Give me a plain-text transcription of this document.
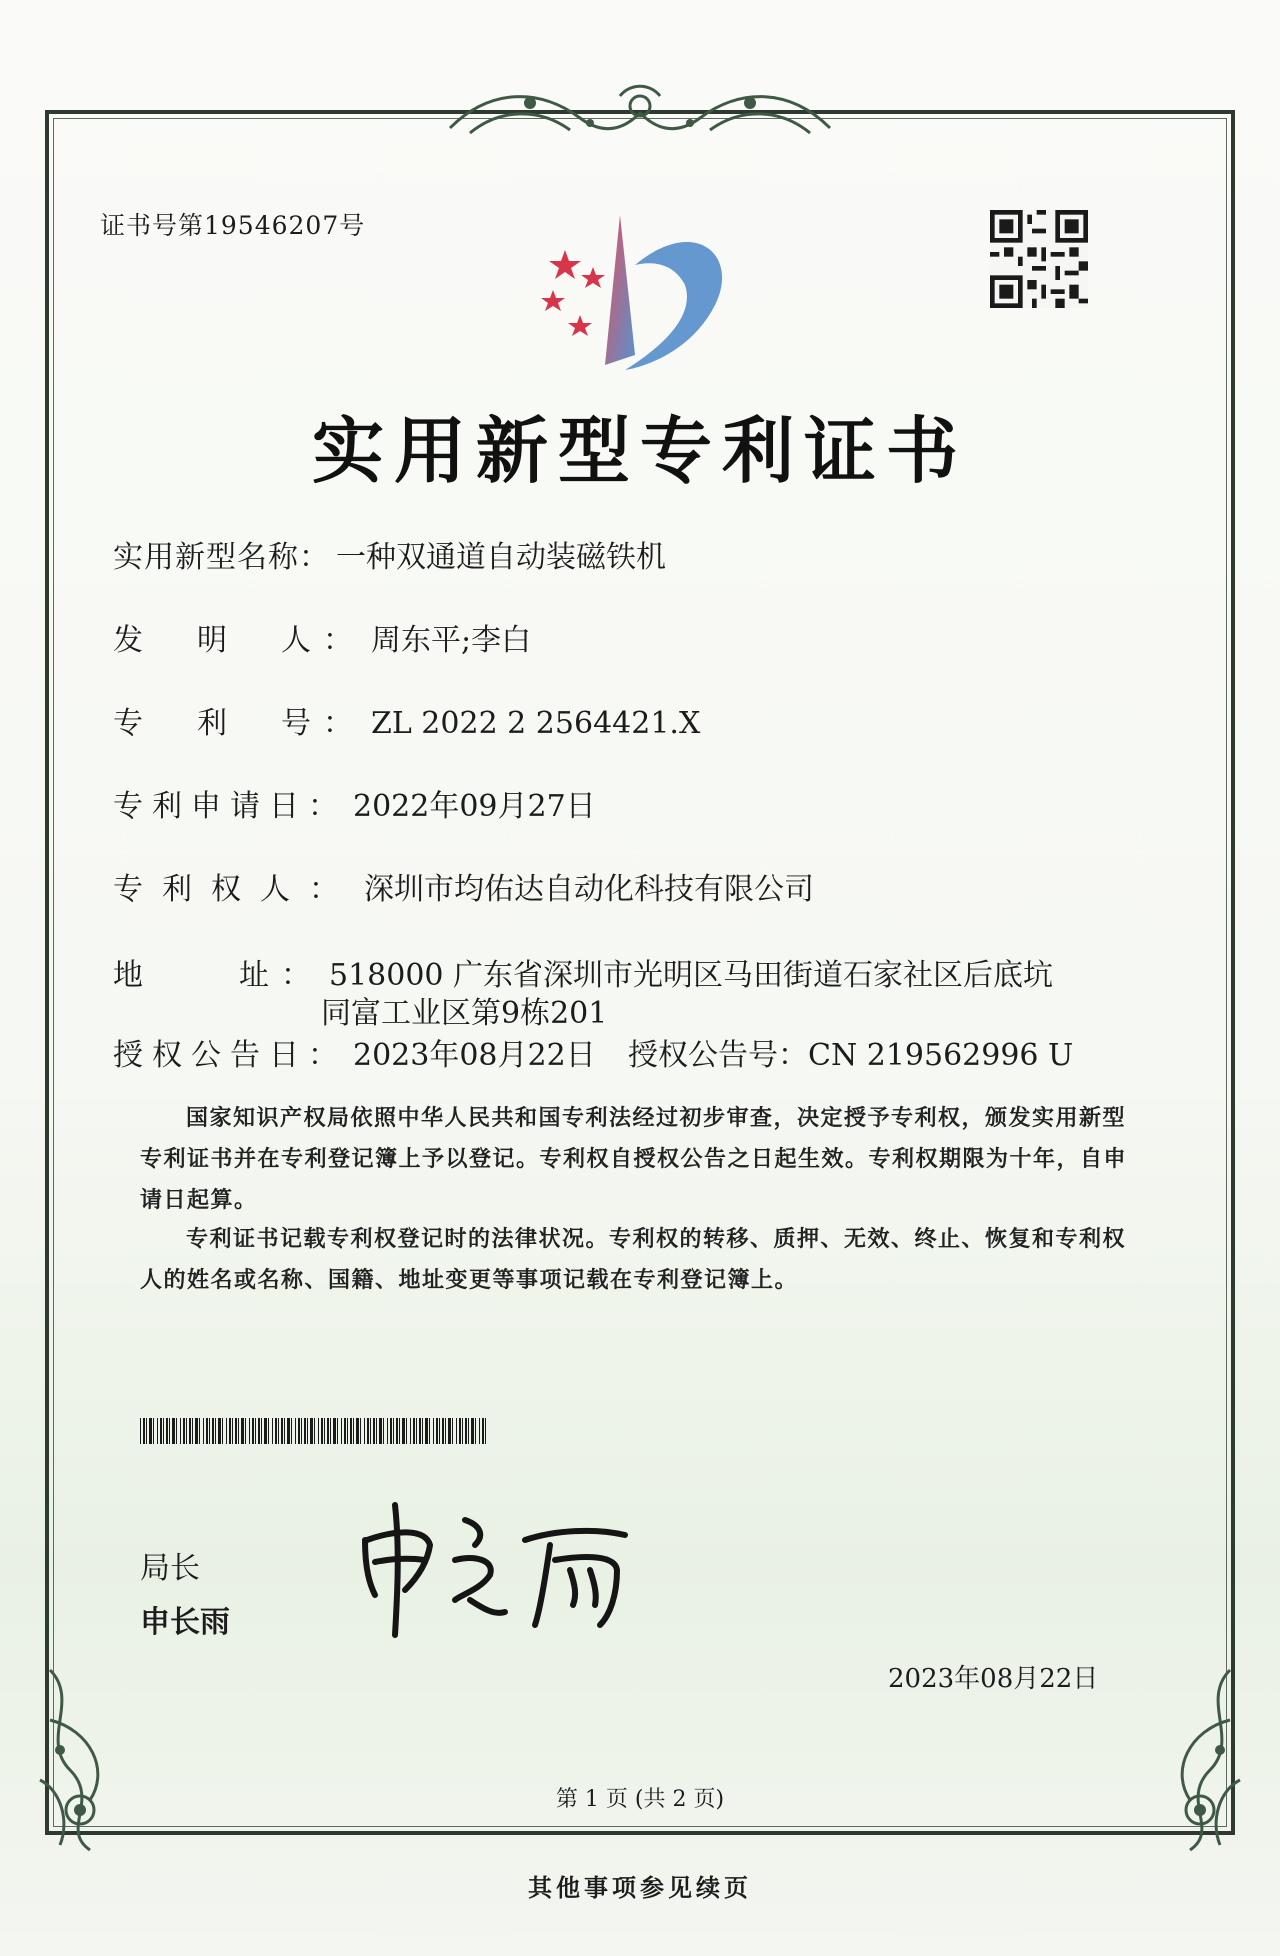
证书号第19546207号
实用新型专利证书
实用新型名称： 一种双通道自动装磁铁机
发　明　人： 周东平;李白
专　利　号： ZL 2022 2 2564421.X
专利申请日： 2022年09月27日
专利权人： 深圳市均佑达自动化科技有限公司
地　　址： 518000 广东省深圳市光明区马田街道石家社区后底坑
同富工业区第9栋201
授权公告日： 2023年08月22日 授权公告号：CN 219562996 U
国家知识产权局依照中华人民共和国专利法经过初步审查，决定授予专利权，颁发实用新型专利证书并在专利登记簿上予以登记。专利权自授权公告之日起生效。专利权期限为十年，自申请日起算。
专利证书记载专利权登记时的法律状况。专利权的转移、质押、无效、终止、恢复和专利权人的姓名或名称、国籍、地址变更等事项记载在专利登记簿上。
局长
申长雨
2023年08月22日
第 1 页 (共 2 页)
其他事项参见续页
